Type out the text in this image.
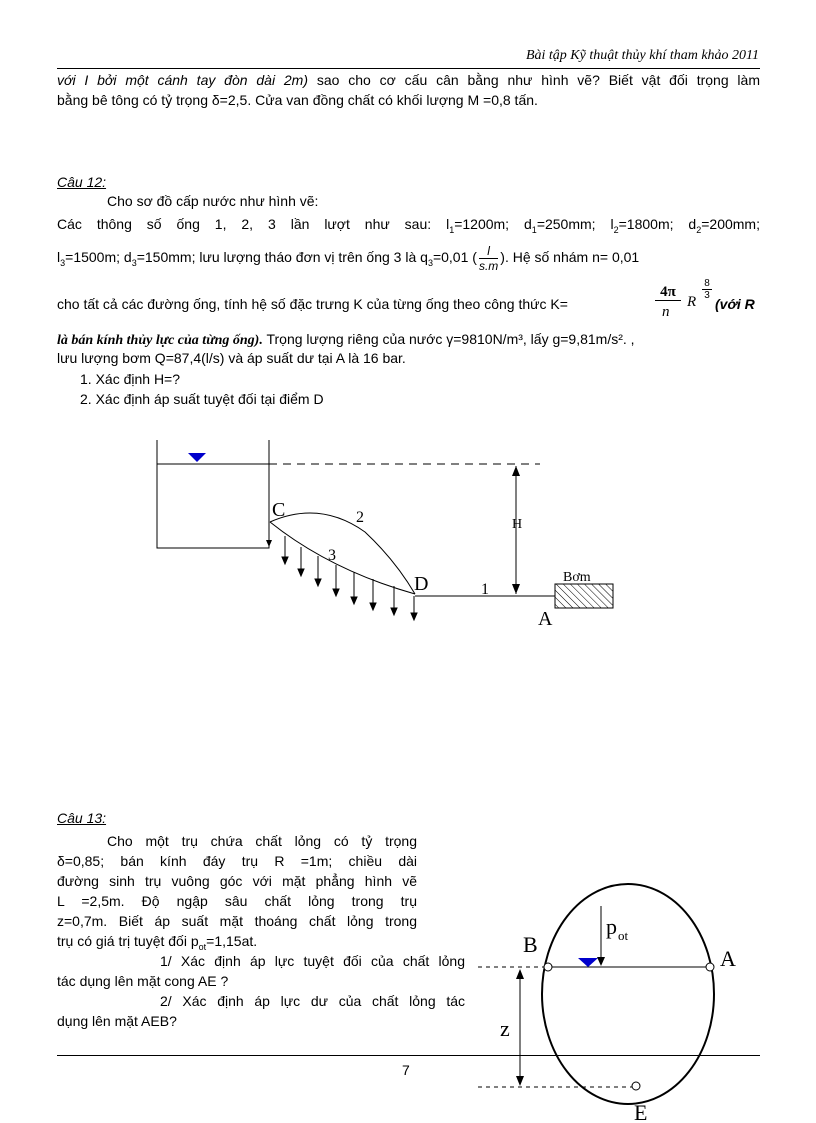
Bài tập Kỹ thuật thủy khí tham khảo 2011
với I bởi một cánh tay đòn dài 2m) sao cho cơ cấu cân bằng như hình vẽ? Biết vật đối trọng làm
bằng bê tông có tỷ trọng δ=2,5. Cửa van đồng chất có khối lượng M =0,8 tấn.
Câu 12:
Cho sơ đồ cấp nước như hình vẽ:
Các thông số ống 1, 2, 3 lần lượt như sau: $l_1=1200m$; $d_1=250mm$; $l_2=1800m$; $d_2=200mm$;
$l_3=1500m$; $d_3=150mm$; lưu lượng tháo đơn vị trên ống 3 là $q_3=0,01$ ( $\frac{l}{s.m}$ ). Hệ số nhám n= 0,01
cho tất cả các đường ống, tính hệ số đặc trưng K của từng ống theo công thức K=
4π
n
R
$\frac{8}{3}$
(với R
là bán kính thủy lực của từng ống). Trọng lượng riêng của nước γ=9810N/m³, lấy g=9,81m/s². ,
lưu lượng bơm Q=87,4(l/s) và áp suất dư tại A là 16 bar.
1. Xác định H=?
2. Xác định áp suất tuyệt đối tại điểm D
C
D
A
H
1
2
3
Bơm
Câu 13:
Cho một trụ chứa chất lỏng có tỷ trọng
δ=0,85; bán kính đáy trụ R =1m; chiều dài
đường sinh trụ vuông góc với mặt phẳng hình vẽ
L =2,5m. Độ ngập sâu chất lỏng trong trụ
z=0,7m. Biết áp suất mặt thoáng chất lỏng trong
trụ có giá trị tuyệt đối $p_{ot}=1,15at$.
1/ Xác định áp lực tuyệt đối của chất lỏng
tác dụng lên mặt cong AE ?
2/ Xác định áp lực dư của chất lỏng tác
dụng lên mặt AEB?
7
B
A
E
z
p ot
